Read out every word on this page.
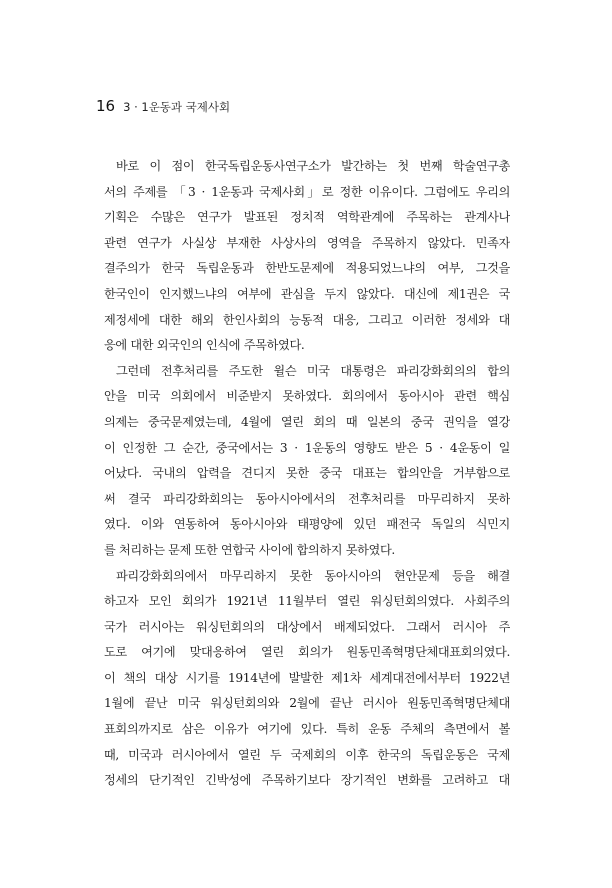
16 3 · 1운동과 국제사회
바로 이 점이 한국독립운동사연구소가 발간하는 첫 번째 학술연구총
서의 주제를 「3 · 1운동과 국제사회」로 정한 이유이다. 그럼에도 우리의
기획은 수많은 연구가 발표된 정치적 역학관계에 주목하는 관계사나
관련 연구가 사실상 부재한 사상사의 영역을 주목하지 않았다. 민족자
결주의가 한국 독립운동과 한반도문제에 적용되었느냐의 여부, 그것을
한국인이 인지했느냐의 여부에 관심을 두지 않았다. 대신에 제1권은 국
제정세에 대한 해외 한인사회의 능동적 대응, 그리고 이러한 정세와 대
응에 대한 외국인의 인식에 주목하였다.
그런데 전후처리를 주도한 윌슨 미국 대통령은 파리강화회의의 합의
안을 미국 의회에서 비준받지 못하였다. 회의에서 동아시아 관련 핵심
의제는 중국문제였는데, 4월에 열린 회의 때 일본의 중국 권익을 열강
이 인정한 그 순간, 중국에서는 3 · 1운동의 영향도 받은 5 · 4운동이 일
어났다. 국내의 압력을 견디지 못한 중국 대표는 합의안을 거부함으로
써 결국 파리강화회의는 동아시아에서의 전후처리를 마무리하지 못하
였다. 이와 연동하여 동아시아와 태평양에 있던 패전국 독일의 식민지
를 처리하는 문제 또한 연합국 사이에 합의하지 못하였다.
파리강화회의에서 마무리하지 못한 동아시아의 현안문제 등을 해결
하고자 모인 회의가 1921년 11월부터 열린 워싱턴회의였다. 사회주의
국가 러시아는 워싱턴회의의 대상에서 배제되었다. 그래서 러시아 주
도로 여기에 맞대응하여 열린 회의가 원동민족혁명단체대표회의였다.
이 책의 대상 시기를 1914년에 발발한 제1차 세계대전에서부터 1922년
1월에 끝난 미국 워싱턴회의와 2월에 끝난 러시아 원동민족혁명단체대
표회의까지로 삼은 이유가 여기에 있다. 특히 운동 주체의 측면에서 볼
때, 미국과 러시아에서 열린 두 국제회의 이후 한국의 독립운동은 국제
정세의 단기적인 긴박성에 주목하기보다 장기적인 변화를 고려하고 대
